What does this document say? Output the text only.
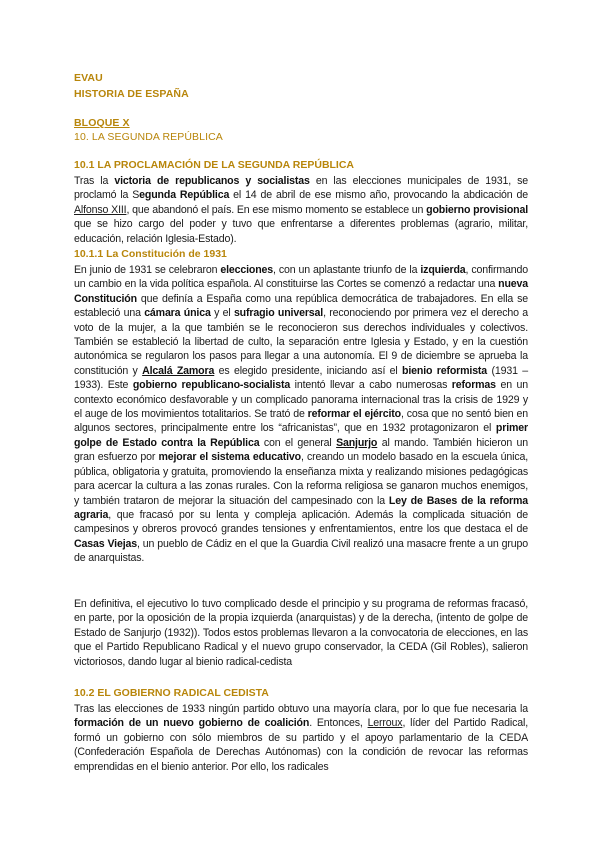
EVAU

HISTORIA DE ESPAÑA

BLOQUE X

10. LA SEGUNDA REPÚBLICA

10.1 LA PROCLAMACIÓN DE LA SEGUNDA REPÚBLICA

Tras la victoria de republicanos y socialistas en las elecciones municipales de 1931, se proclamó la Segunda República el 14 de abril de ese mismo año, provocando la abdicación de Alfonso XIII, que abandonó el país. En ese mismo momento se establece un gobierno provisional que se hizo cargo del poder y tuvo que enfrentarse a diferentes problemas (agrario, militar, educación, relación Iglesia-Estado).

10.1.1 La Constitución de 1931

En junio de 1931 se celebraron elecciones, con un aplastante triunfo de la izquierda, confirmando un cambio en la vida política española. Al constituirse las Cortes se comenzó a redactar una nueva Constitución que definía a España como una república democrática de trabajadores. En ella se estableció una cámara única y el sufragio universal, reconociendo por primera vez el derecho a voto de la mujer, a la que también se le reconocieron sus derechos individuales y colectivos. También se estableció la libertad de culto, la separación entre Iglesia y Estado, y en la cuestión autonómica se regularon los pasos para llegar a una autonomía. El 9 de diciembre se aprueba la constitución y Alcalá Zamora es elegido presidente, iniciando así el bienio reformista (1931 – 1933). Este gobierno republicano-socialista intentó llevar a cabo numerosas reformas en un contexto económico desfavorable y un complicado panorama internacional tras la crisis de 1929 y el auge de los movimientos totalitarios. Se trató de reformar el ejército, cosa que no sentó bien en algunos sectores, principalmente entre los “africanistas”, que en 1932 protagonizaron el primer golpe de Estado contra la República con el general Sanjurjo al mando. También hicieron un gran esfuerzo por mejorar el sistema educativo, creando un modelo basado en la escuela única, pública, obligatoria y gratuita, promoviendo la enseñanza mixta y realizando misiones pedagógicas para acercar la cultura a las zonas rurales. Con la reforma religiosa se ganaron muchos enemigos, y también trataron de mejorar la situación del campesinado con la Ley de Bases de la reforma agraria, que fracasó por su lenta y compleja aplicación. Además la complicada situación de campesinos y obreros provocó grandes tensiones y enfrentamientos, entre los que destaca el de Casas Viejas, un pueblo de Cádiz en el que la Guardia Civil realizó una masacre frente a un grupo de anarquistas.

En definitiva, el ejecutivo lo tuvo complicado desde el principio y su programa de reformas fracasó, en parte, por la oposición de la propia izquierda (anarquistas) y de la derecha, (intento de golpe de Estado de Sanjurjo (1932)). Todos estos problemas llevaron a la convocatoria de elecciones, en las que el Partido Republicano Radical y el nuevo grupo conservador, la CEDA (Gil Robles), salieron victoriosos, dando lugar al bienio radical-cedista

10.2 EL GOBIERNO RADICAL CEDISTA

Tras las elecciones de 1933 ningún partido obtuvo una mayoría clara, por lo que fue necesaria la formación de un nuevo gobierno de coalición. Entonces, Lerroux, líder del Partido Radical, formó un gobierno con sólo miembros de su partido y el apoyo parlamentario de la CEDA (Confederación Española de Derechas Autónomas) con la condición de revocar las reformas emprendidas en el bienio anterior. Por ello, los radicales
